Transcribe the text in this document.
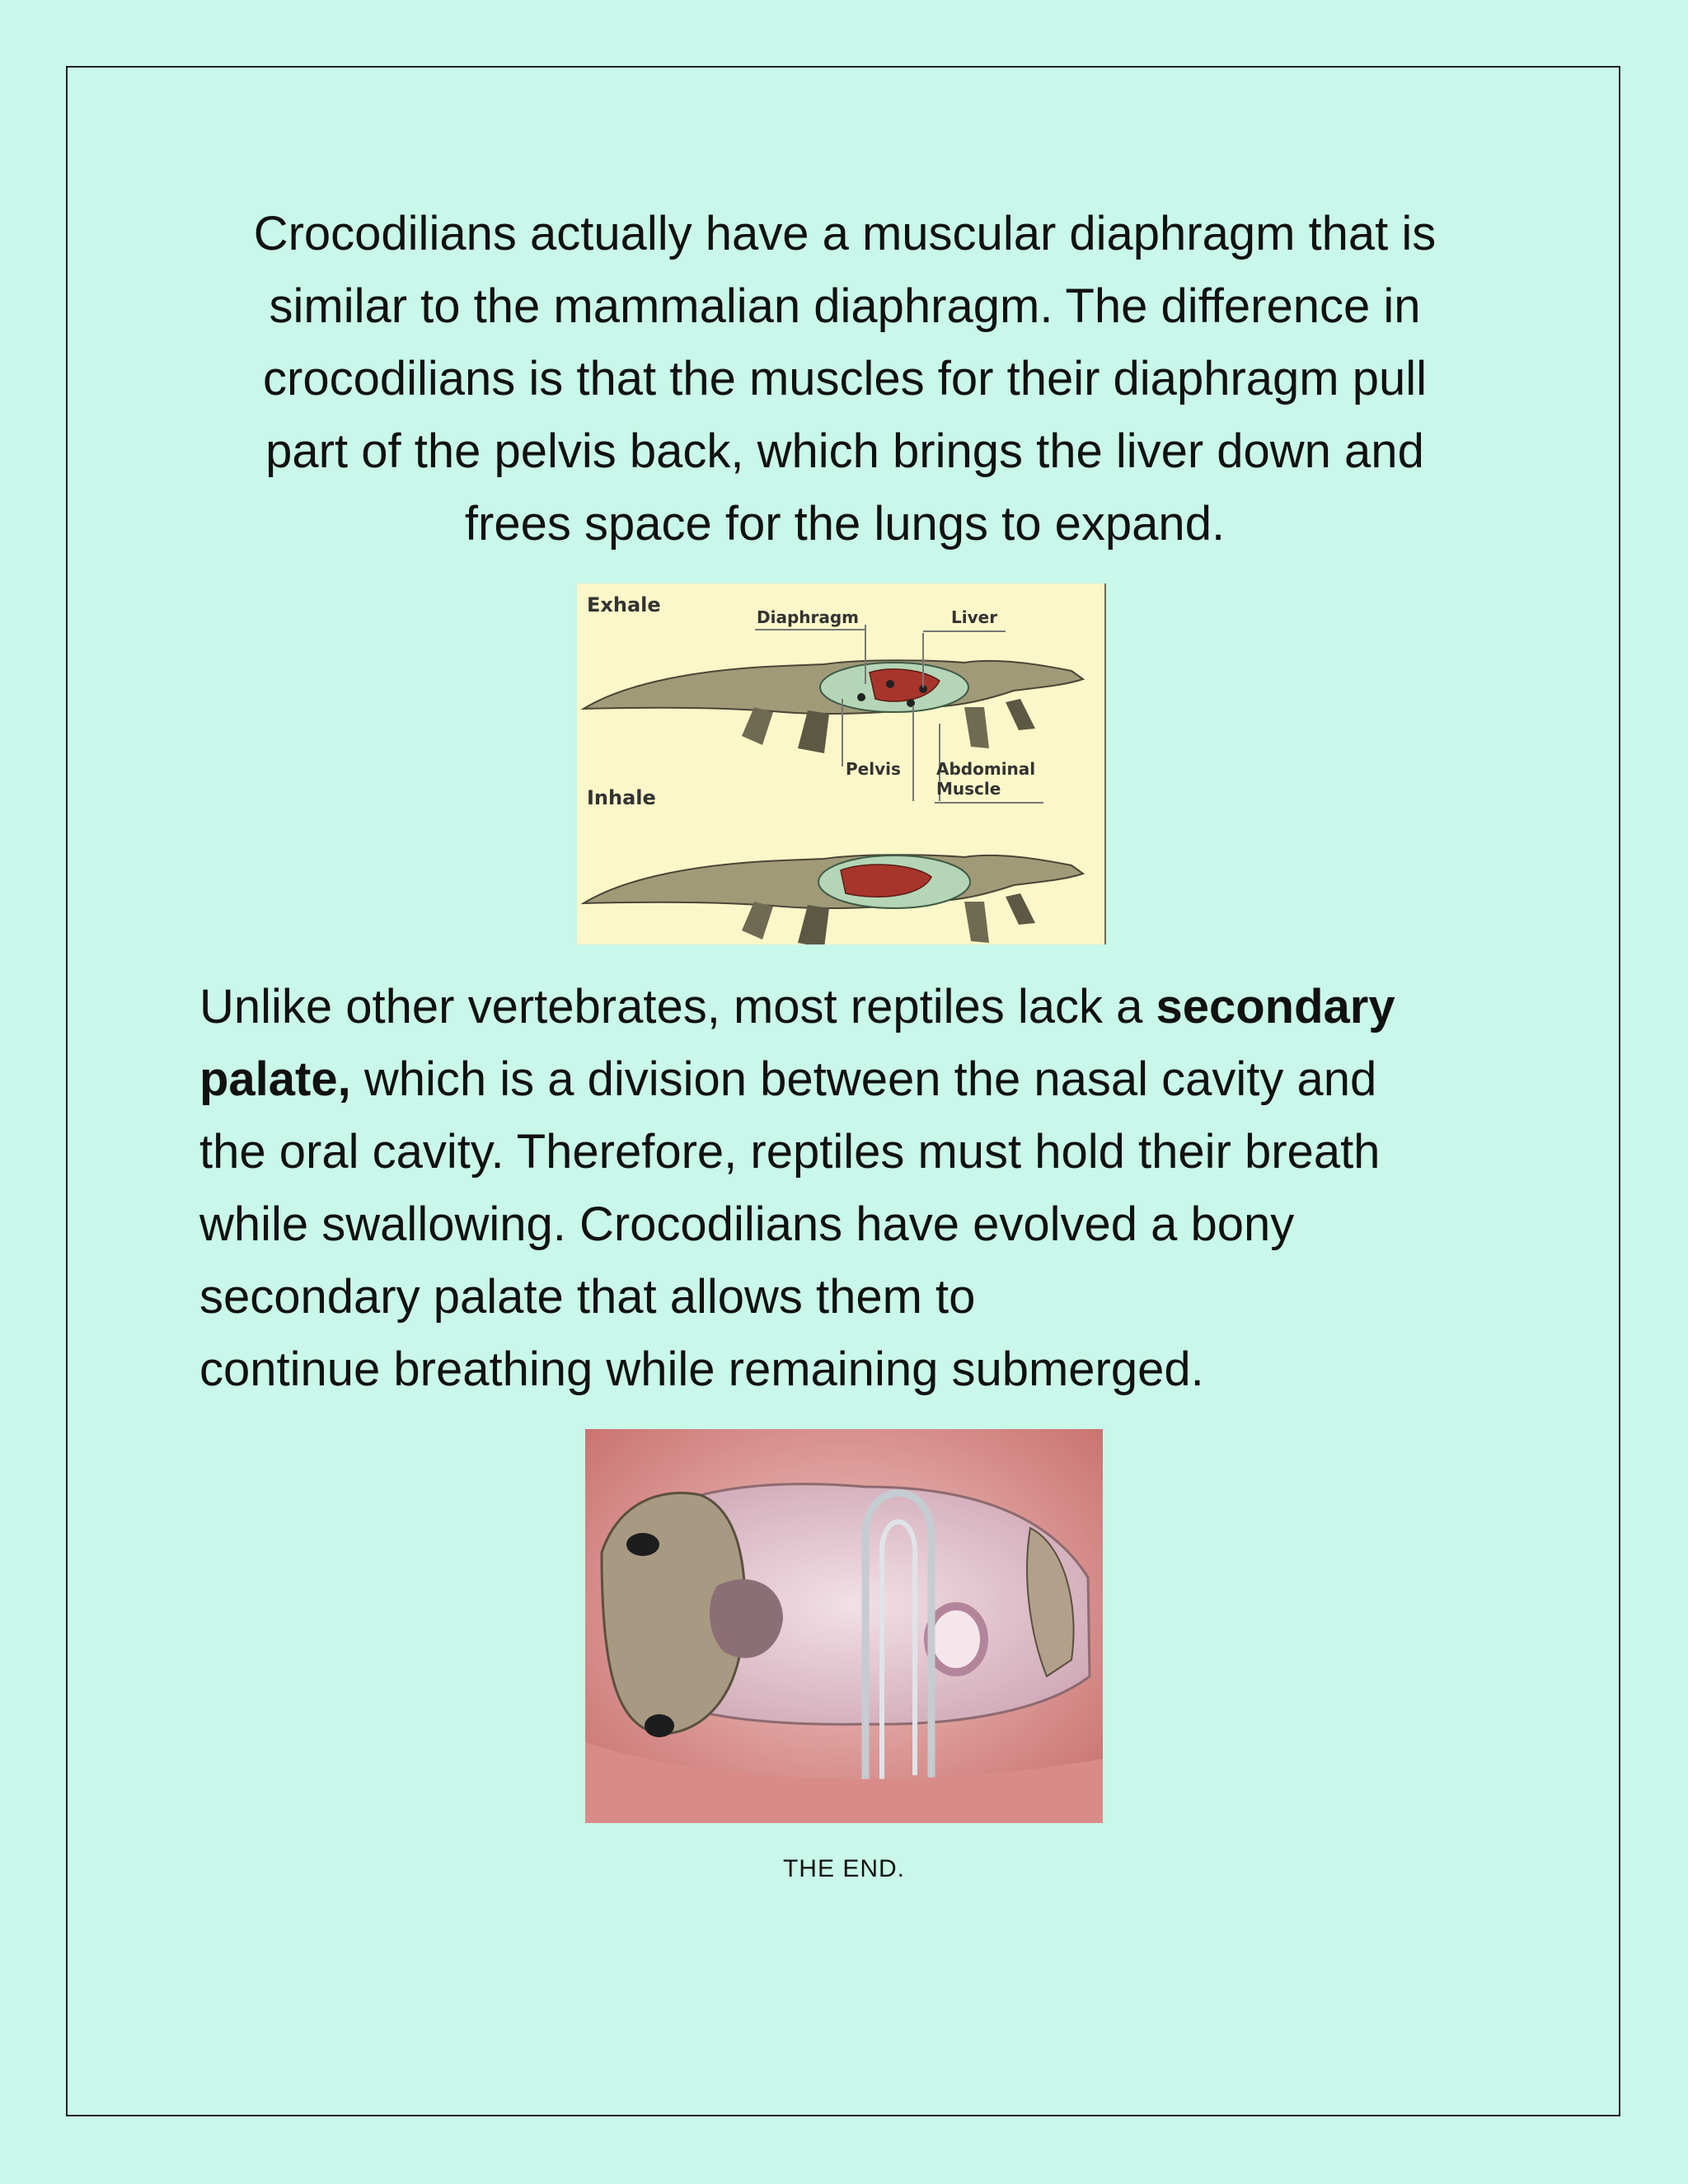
Crocodilians actually have a muscular diaphragm that is
similar to the mammalian diaphragm. The difference in
crocodilians is that the muscles for their diaphragm pull
part of the pelvis back, which brings the liver down and
frees space for the lungs to expand.
Exhale
Diaphragm	Liver
Pelvis Abdominal
Muscle
Inhale
Unlike other vertebrates, most reptiles lack a secondary
palate, which is a division between the nasal cavity and
the oral cavity. Therefore, reptiles must hold their breath
while swallowing. Crocodilians have evolved a bony
secondary palate that allows them to
continue breathing while remaining submerged.
THE END.
